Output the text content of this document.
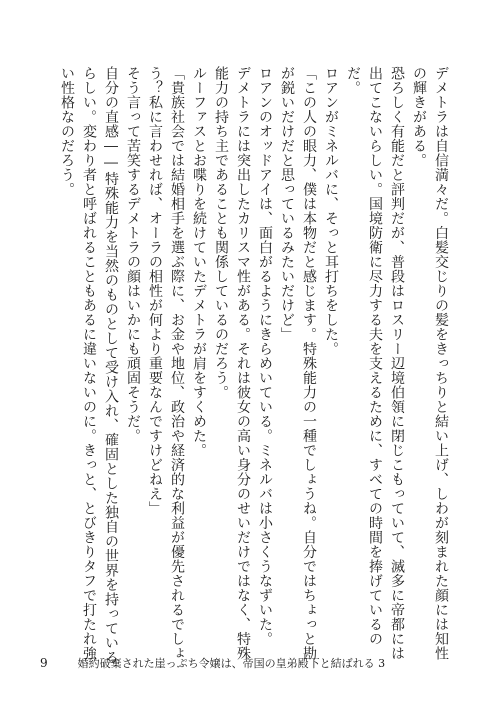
デメトラは自信満々だ。白髪交じりの髪をきっちりと結い上げ、しわが刻まれた顔には知性の輝きがある。

恐ろしく有能だと評判だが、普段はロスリー辺境伯領に閉じこもっていて、滅多に帝都には出てこないらしい。国境防衛に尽力する夫を支えるために、すべての時間を捧げているのだ。

ロアンがミネルバに、そっと耳打ちをした。

「この人の眼力、僕は本物だと感じます。特殊能力の一種でしょうね。自分ではちょっと勘が鋭いだけだと思っているみたいだけど」

ロアンのオッドアイは、面白がるようにきらめいている。ミネルバは小さくうなずいた。

デメトラには突出したカリスマ性がある。それは彼女の高い身分のせいだけではなく、特殊能力の持ち主であることも関係しているのだろう。

ルーファスとお喋りを続けていたデメトラが肩をすくめた。

「貴族社会では結婚相手を選ぶ際に、お金や地位、政治や経済的な利益が優先されるでしょう？私に言わせれば、オーラの相性が何より重要なんですけどねえ」

そう言って苦笑するデメトラの顔はいかにも頑固そうだ。

自分の直感――特殊能力を当然のものとして受け入れ、確固とした独自の世界を持っているらしい。変わり者と呼ばれることもあるに違いないのに。きっと、とびきりタフで打たれ強い性格なのだろう。

9	婚約破棄された崖っぷち令嬢は、帝国の皇弟殿下と結ばれる 3
